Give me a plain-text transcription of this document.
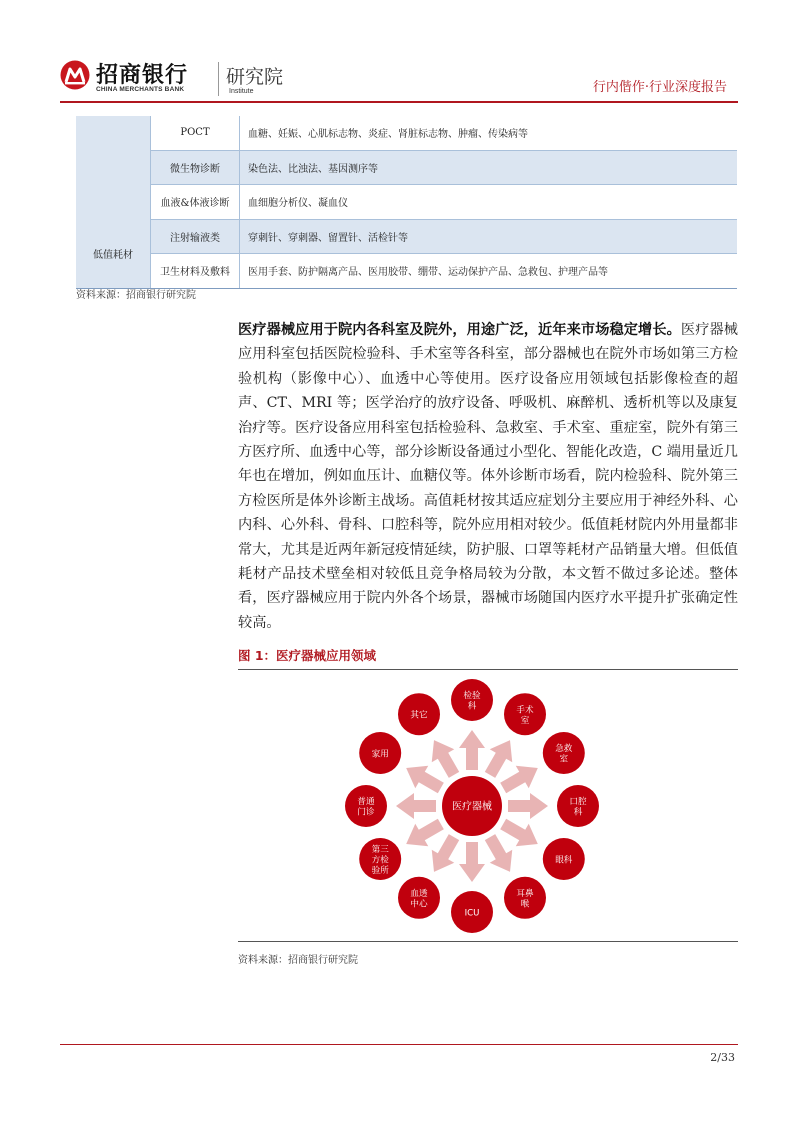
招商银行
CHINA MERCHANTS BANK
研究院
Institute	行内偕作·行业深度报告
	POCT	血糖、妊娠、心肌标志物、炎症、肾脏标志物、肿瘤、传染病等
	微生物诊断	染色法、比浊法、基因测序等
	血液&体液诊断	血细胞分析仪、凝血仪
低值耗材	注射输液类	穿刺针、穿刺器、留置针、活检针等
	卫生材料及敷料	医用手套、防护隔离产品、医用胶带、绷带、运动保护产品、急救包、护理产品等
资料来源：招商银行研究院
医疗器械应用于院内各科室及院外，用途广泛，近年来市场稳定增长。医疗器械应用科室包括医院检验科、手术室等各科室，部分器械也在院外市场如第三方检验机构（影像中心）、血透中心等使用。医疗设备应用领域包括影像检查的超声、CT、MRI 等；医学治疗的放疗设备、呼吸机、麻醉机、透析机等以及康复治疗等。医疗设备应用科室包括检验科、急救室、手术室、重症室，院外有第三方医疗所、血透中心等，部分诊断设备通过小型化、智能化改造，C 端用量近几年也在增加，例如血压计、血糖仪等。体外诊断市场看，院内检验科、院外第三方检医所是体外诊断主战场。高值耗材按其适应症划分主要应用于神经外科、心内科、心外科、骨科、口腔科等，院外应用相对较少。低值耗材院内外用量都非常大，尤其是近两年新冠疫情延续，防护服、口罩等耗材产品销量大增。但低值耗材产品技术壁垒相对较低且竞争格局较为分散，本文暂不做过多论述。整体看，医疗器械应用于院内外各个场景，器械市场随国内医疗水平提升扩张确定性较高。
图 1：医疗器械应用领域
医疗器械
检验科	手术室
急救室
口腔科
眼科
耳鼻喉
ICU
血透中心
第三方检验所
普通门诊
家用
其它
资料来源：招商银行研究院
2/33
